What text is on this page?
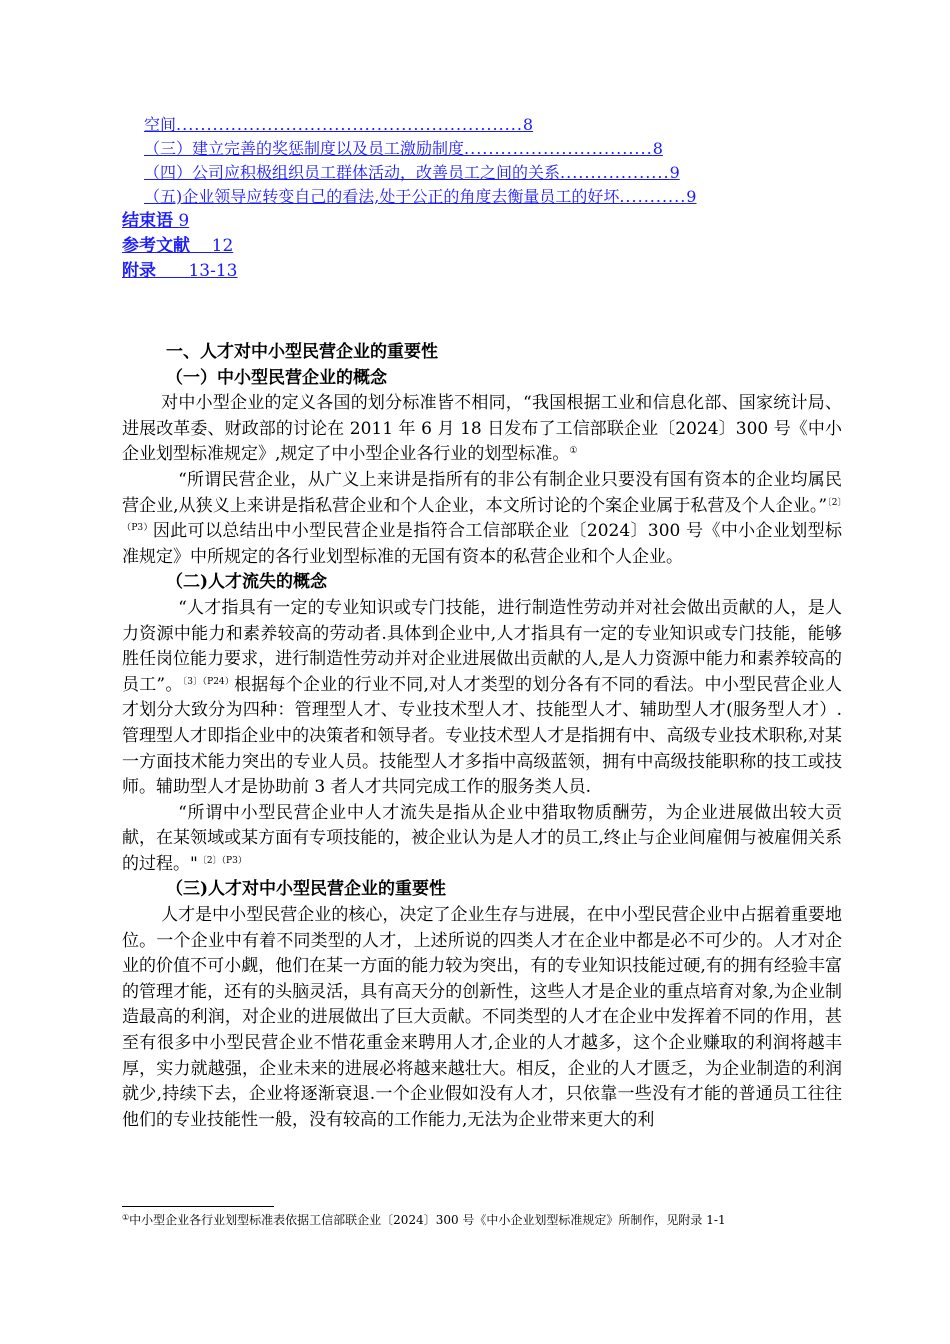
空间.........................................................8
（三）建立完善的奖惩制度以及员工激励制度...............................8
（四）公司应积极组织员工群体活动，改善员工之间的关系..................9
（五)企业领导应转变自己的看法,处于公正的角度去衡量员工的好坏...........9
结束语 9
参考文献 12
附录 13-13
一、人才对中小型民营企业的重要性
（一）中小型民营企业的概念

对中小型企业的定义各国的划分标准皆不相同，“我国根据工业和信息化部、国家统计局、进展改革委、财政部的讨论在 2011 年 6 月 18 日发布了工信部联企业〔2024〕300 号《中小企业划型标准规定》,规定了中小型企业各行业的划型标准。①

“所谓民营企业，从广义上来讲是指所有的非公有制企业只要没有国有资本的企业均属民营企业,从狭义上来讲是指私营企业和个人企业，本文所讨论的个案企业属于私营及个人企业。”$^{〔2〕(P3)}$因此可以总结出中小型民营企业是指符合工信部联企业〔2024〕300 号《中小企业划型标准规定》中所规定的各行业划型标准的无国有资本的私营企业和个人企业。

（二)人才流失的概念

“人才指具有一定的专业知识或专门技能，进行制造性劳动并对社会做出贡献的人，是人力资源中能力和素养较高的劳动者.具体到企业中,人才指具有一定的专业知识或专门技能，能够胜任岗位能力要求，进行制造性劳动并对企业进展做出贡献的人,是人力资源中能力和素养较高的员工”。$^{〔3〕(P24)}$根据每个企业的行业不同,对人才类型的划分各有不同的看法。中小型民营企业人才划分大致分为四种：管理型人才、专业技术型人才、技能型人才、辅助型人才(服务型人才）.管理型人才即指企业中的决策者和领导者。专业技术型人才是指拥有中、高级专业技术职称,对某一方面技术能力突出的专业人员。技能型人才多指中高级蓝领，拥有中高级技能职称的技工或技师。辅助型人才是协助前 3 者人才共同完成工作的服务类人员.

“所谓中小型民营企业中人才流失是指从企业中猎取物质酬劳，为企业进展做出较大贡献，在某领域或某方面有专项技能的，被企业认为是人才的员工,终止与企业间雇佣与被雇佣关系的过程。"$^{〔2〕(P3)}$

（三)人才对中小型民营企业的重要性

人才是中小型民营企业的核心，决定了企业生存与进展，在中小型民营企业中占据着重要地位。一个企业中有着不同类型的人才，上述所说的四类人才在企业中都是必不可少的。人才对企业的价值不可小觑，他们在某一方面的能力较为突出，有的专业知识技能过硬,有的拥有经验丰富的管理才能，还有的头脑灵活，具有高天分的创新性，这些人才是企业的重点培育对象,为企业制造最高的利润，对企业的进展做出了巨大贡献。不同类型的人才在企业中发挥着不同的作用，甚至有很多中小型民营企业不惜花重金来聘用人才,企业的人才越多，这个企业赚取的利润将越丰厚，实力就越强，企业未来的进展必将越来越壮大。相反，企业的人才匮乏，为企业制造的利润就少,持续下去，企业将逐渐衰退.一个企业假如没有人才，只依靠一些没有才能的普通员工往往他们的专业技能性一般，没有较高的工作能力,无法为企业带来更大的利

①中小型企业各行业划型标准表依据工信部联企业〔2024〕300 号《中小企业划型标准规定》所制作，见附录 1-1
